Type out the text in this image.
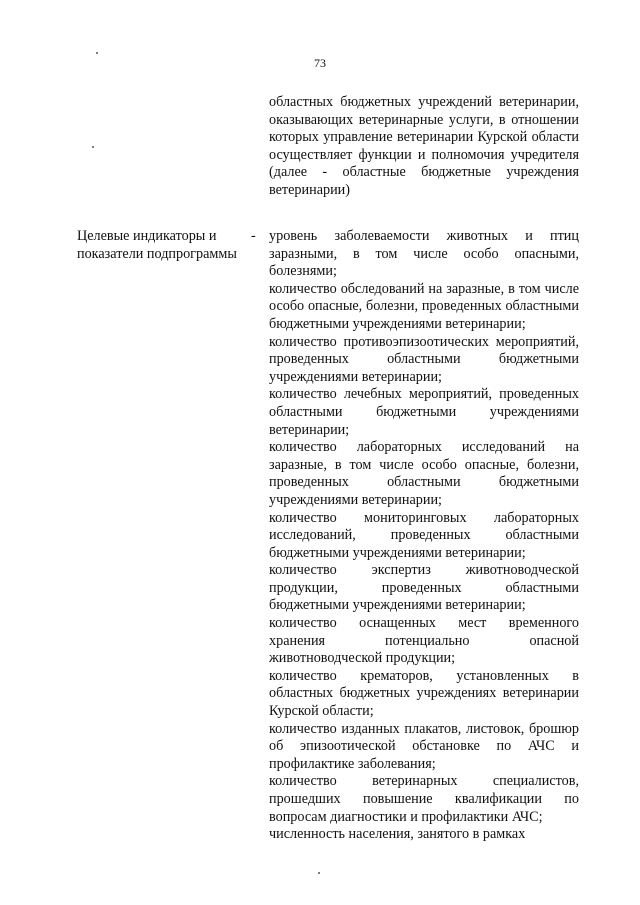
73

областных бюджетных учреждений ветеринарии, оказывающих ветеринарные услуги, в отношении которых управление ветеринарии Курской области осуществляет функции и полномочия учредителя (далее - областные бюджетные учреждения ветеринарии)

Целевые индикаторы и показатели подпрограммы
- уровень заболеваемости животных и птиц заразными, в том числе особо опасными, болезнями;

количество обследований на заразные, в том числе особо опасные, болезни, проведенных областными бюджетными учреждениями ветеринарии;

количество противоэпизоотических мероприятий, проведенных областными бюджетными учреждениями ветеринарии;

количество лечебных мероприятий, проведенных областными бюджетными учреждениями ветеринарии;

количество лабораторных исследований на заразные, в том числе особо опасные, болезни, проведенных областными бюджетными учреждениями ветеринарии;

количество мониторинговых лабораторных исследований, проведенных областными бюджетными учреждениями ветеринарии;

количество экспертиз животноводческой продукции, проведенных областными бюджетными учреждениями ветеринарии;

количество оснащенных мест временного хранения потенциально опасной животноводческой продукции;

количество крематоров, установленных в областных бюджетных учреждениях ветеринарии Курской области;

количество изданных плакатов, листовок, брошюр об эпизоотической обстановке по АЧС и профилактике заболевания;

количество ветеринарных специалистов, прошедших повышение квалификации по вопросам диагностики и профилактики АЧС;

численность населения, занятого в рамках
